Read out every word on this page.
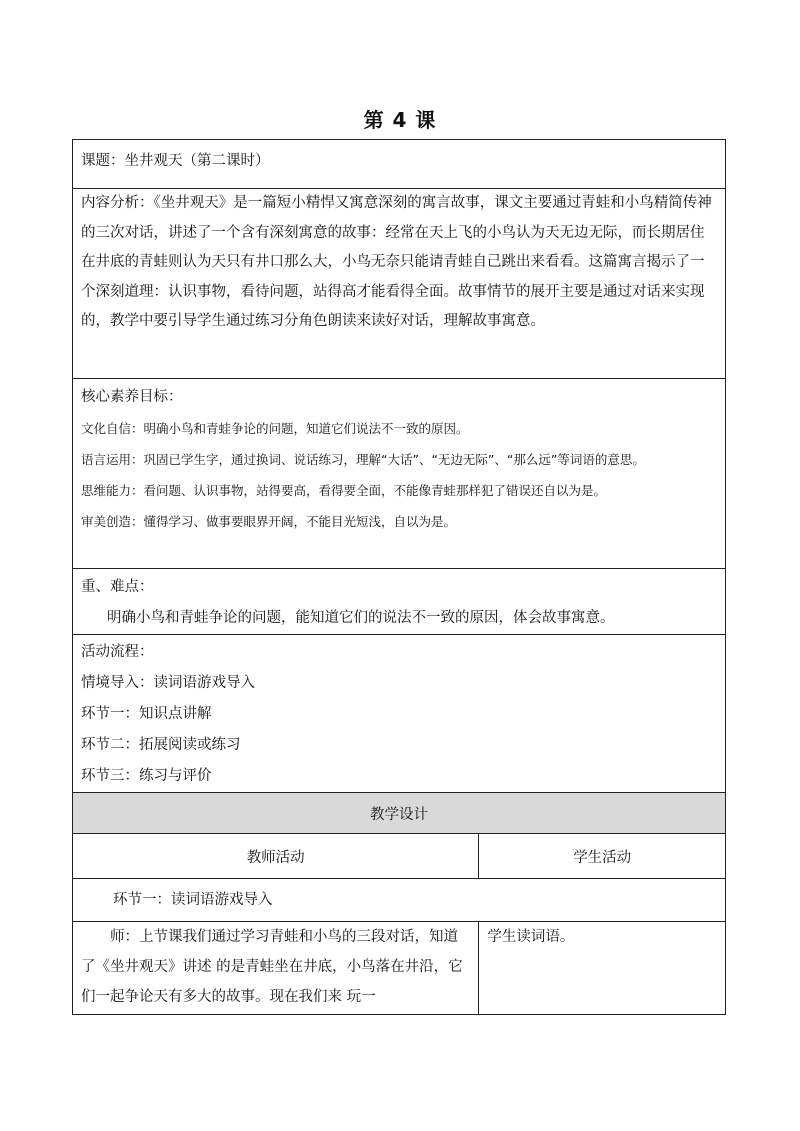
第 4 课
课题：坐井观天（第二课时）	
内容分析：《坐井观天》是一篇短小精悍又寓意深刻的寓言故事，课文主要通过青蛙和小鸟精简传神的三次对话，讲述了一个含有深刻寓意的故事：经常在天上飞的小鸟认为天无边无际，而长期居住在井底的青蛙则认为天只有井口那么大，小鸟无奈只能请青蛙自己跳出来看看。这篇寓言揭示了一个深刻道理：认识事物，看待问题，站得高才能看得全面。故事情节的展开主要是通过对话来实现的，教学中要引导学生通过练习分角色朗读来读好对话，理解故事寓意。	

核心素养目标：
文化自信：明确小鸟和青蛙争论的问题，知道它们说法不一致的原因。
语言运用：巩固已学生字，通过换词、说话练习，理解“大话”、“无边无际”、“那么远”等词语的意思。
思维能力：看问题、认识事物，站得要高，看得要全面，不能像青蛙那样犯了错误还自以为是。
审美创造：懂得学习、做事要眼界开阔，不能目光短浅，自以为是。	

重、难点：
明确小鸟和青蛙争论的问题，能知道它们的说法不一致的原因，体会故事寓意。	

活动流程：
情境导入：读词语游戏导入
环节一：知识点讲解
环节二：拓展阅读或练习
环节三：练习与评价	

教学设计	
教师活动	学生活动
环节一：读词语游戏导入	
师：上节课我们通过学习青蛙和小鸟的三段对话，知道了《坐井观天》讲述 的是青蛙坐在井底，小鸟落在井沿，它们一起争论天有多大的故事。现在我们来 玩一	学生读词语。
